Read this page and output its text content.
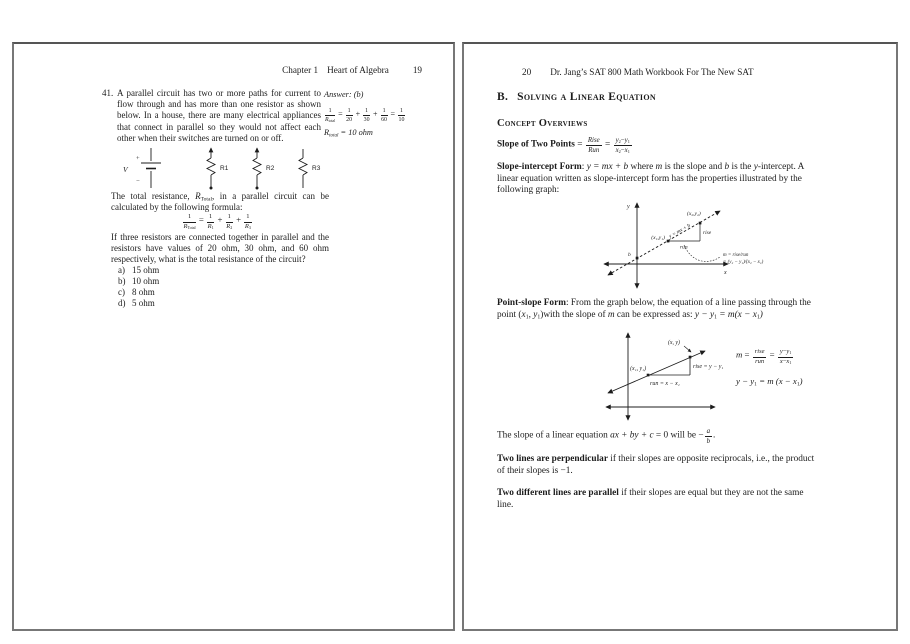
Chapter 1 Heart of Algebra	19
41. A parallel circuit has two or more paths for current to flow through and has more than one resistor as shown below. In a house, there are many electrical appliances that connect in parallel so they would not affect each other when their switches are turned on or off.
Answer: (b)
$\frac{1}{R_{total}} = \frac{1}{20} + \frac{1}{30} + \frac{1}{60} = \frac{1}{10}$
$R_{total} = 10$ ohm
V
+
−
R1	R2	R3
The total resistance, $R_{Total}$, in a parallel circuit can be calculated by the following formula:
$\frac{1}{R_{Total}} = \frac{1}{R_1} + \frac{1}{R_2} + \frac{1}{R_3}$
If three resistors are connected together in parallel and the resistors have values of 20 ohm, 30 ohm, and 60 ohm respectively, what is the total resistance of the circuit?
a) 15 ohm
b) 10 ohm
c) 8 ohm
d) 5 ohm
20 Dr. Jang’s SAT 800 Math Workbook For The New SAT
B. Solving a Linear Equation
Concept Overviews
Slope of Two Points = $\frac{\text{Rise}}{\text{Run}} = \frac{y_2-y_1}{x_2-x_1}$
Slope-intercept Form: y = mx + b where m is the slope and b is the y-intercept. A linear equation written as slope-intercept form has the properties illustrated by the following graph:
y
x
b
(x₁,y₁)
(x₂,y₂)
y = mx + b
run
rise
m = rise/run
= (y₂ − y₁)/(x₂ − x₁)
Point-slope Form: From the graph below, the equation of a line passing through the point ($x_1$, $y_1)with$ the slope of m can be expressed as: $y - y_1 = m(x - x_1)$
(x₁, y₁)
(x, y)
run = x − x₁
rise = y − y₁
$m = \frac{\text{rise}}{\text{run}} = \frac{y-y_1}{x-x_1}$
$y - y_1 = m$ $(x - x_1)$
The slope of a linear equation ax + by + c = 0 will be − $\frac{a}{b}$ .
Two lines are perpendicular if their slopes are opposite reciprocals, i.e., the product of their slopes is −1.
Two different lines are parallel if their slopes are equal but they are not the same line.
